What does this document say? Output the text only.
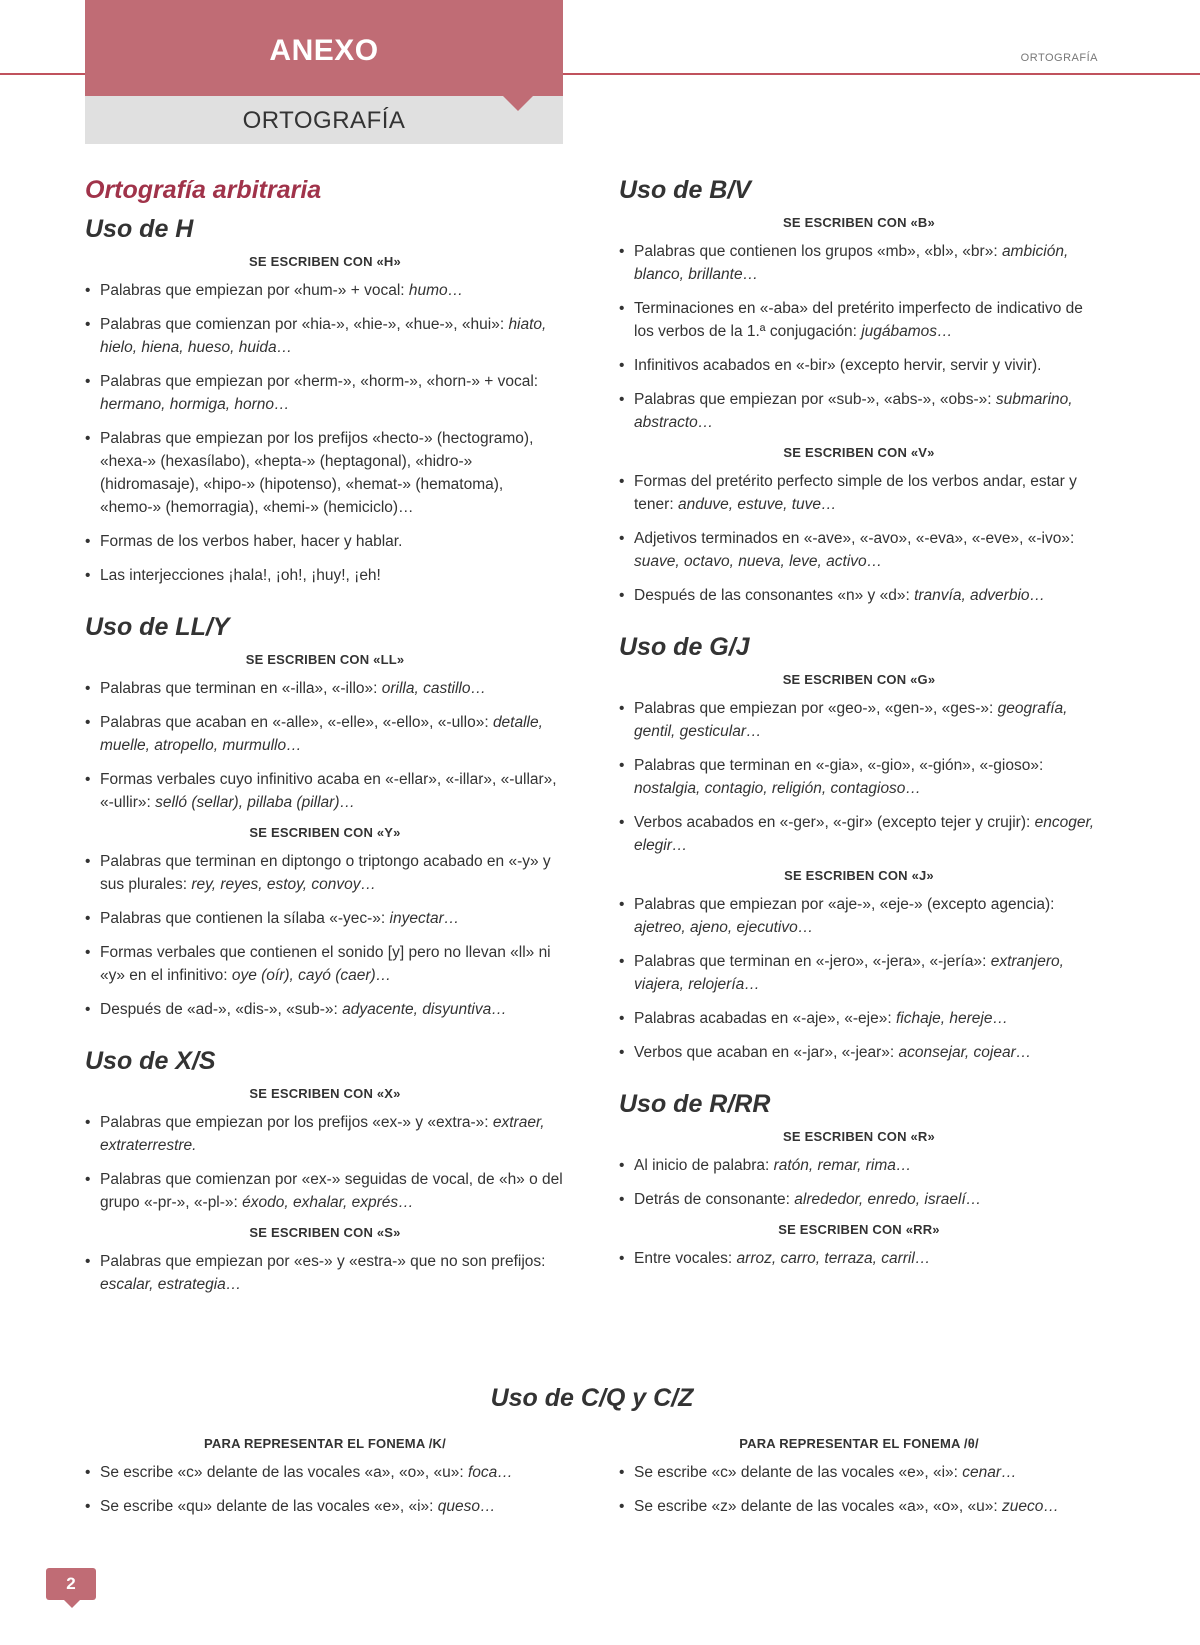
ANEXO
ORTOGRAFÍA
ORTOGRAFÍA
Ortografía arbitraria
Uso de H
SE ESCRIBEN CON «H»
• Palabras que empiezan por «hum-» + vocal: humo…
• Palabras que comienzan por «hia-», «hie-», «hue-», «hui»: hiato, hielo, hiena, hueso, huida…
• Palabras que empiezan por «herm-», «horm-», «horn-» + vocal: hermano, hormiga, horno…
• Palabras que empiezan por los prefijos «hecto-» (hectogramo), «hexa-» (hexasílabo), «hepta-» (heptagonal), «hidro-» (hidromasaje), «hipo-» (hipotenso), «hemat-» (hematoma), «hemo-» (hemorragia), «hemi-» (hemiciclo)…
• Formas de los verbos haber, hacer y hablar.
• Las interjecciones ¡hala!, ¡oh!, ¡huy!, ¡eh!
Uso de LL/Y
SE ESCRIBEN CON «LL»
• Palabras que terminan en «-illa», «-illo»: orilla, castillo…
• Palabras que acaban en «-alle», «-elle», «-ello», «-ullo»: detalle, muelle, atropello, murmullo…
• Formas verbales cuyo infinitivo acaba en «-ellar», «-illar», «-ullar», «-ullir»: selló (sellar), pillaba (pillar)…
SE ESCRIBEN CON «Y»
• Palabras que terminan en diptongo o triptongo acabado en «-y» y sus plurales: rey, reyes, estoy, convoy…
• Palabras que contienen la sílaba «-yec-»: inyectar…
• Formas verbales que contienen el sonido [y] pero no llevan «ll» ni «y» en el infinitivo: oye (oír), cayó (caer)…
• Después de «ad-», «dis-», «sub-»: adyacente, disyuntiva…
Uso de X/S
SE ESCRIBEN CON «X»
• Palabras que empiezan por los prefijos «ex-» y «extra-»: extraer, extraterrestre.
• Palabras que comienzan por «ex-» seguidas de vocal, de «h» o del grupo «-pr-», «-pl-»: éxodo, exhalar, exprés…
SE ESCRIBEN CON «S»
• Palabras que empiezan por «es-» y «estra-» que no son prefijos: escalar, estrategia…
Uso de B/V
SE ESCRIBEN CON «B»
• Palabras que contienen los grupos «mb», «bl», «br»: ambición, blanco, brillante…
• Terminaciones en «-aba» del pretérito imperfecto de indicativo de los verbos de la 1.ª conjugación: jugábamos…
• Infinitivos acabados en «-bir» (excepto hervir, servir y vivir).
• Palabras que empiezan por «sub-», «abs-», «obs-»: submarino, abstracto…
SE ESCRIBEN CON «V»
• Formas del pretérito perfecto simple de los verbos andar, estar y tener: anduve, estuve, tuve…
• Adjetivos terminados en «-ave», «-avo», «-eva», «-eve», «-ivo»: suave, octavo, nueva, leve, activo…
• Después de las consonantes «n» y «d»: tranvía, adverbio…
Uso de G/J
SE ESCRIBEN CON «G»
• Palabras que empiezan por «geo-», «gen-», «ges-»: geografía, gentil, gesticular…
• Palabras que terminan en «-gia», «-gio», «-gión», «-gioso»: nostalgia, contagio, religión, contagioso…
• Verbos acabados en «-ger», «-gir» (excepto tejer y crujir): encoger, elegir…
SE ESCRIBEN CON «J»
• Palabras que empiezan por «aje-», «eje-» (excepto agencia): ajetreo, ajeno, ejecutivo…
• Palabras que terminan en «-jero», «-jera», «-jería»: extranjero, viajera, relojería…
• Palabras acabadas en «-aje», «-eje»: fichaje, hereje…
• Verbos que acaban en «-jar», «-jear»: aconsejar, cojear…
Uso de R/RR
SE ESCRIBEN CON «R»
• Al inicio de palabra: ratón, remar, rima…
• Detrás de consonante: alrededor, enredo, israelí…
SE ESCRIBEN CON «RR»
• Entre vocales: arroz, carro, terraza, carril…
Uso de C/Q y C/Z
PARA REPRESENTAR EL FONEMA /K/
• Se escribe «c» delante de las vocales «a», «o», «u»: foca…
• Se escribe «qu» delante de las vocales «e», «i»: queso…
PARA REPRESENTAR EL FONEMA /θ/
• Se escribe «c» delante de las vocales «e», «i»: cenar…
• Se escribe «z» delante de las vocales «a», «o», «u»: zueco…
2
